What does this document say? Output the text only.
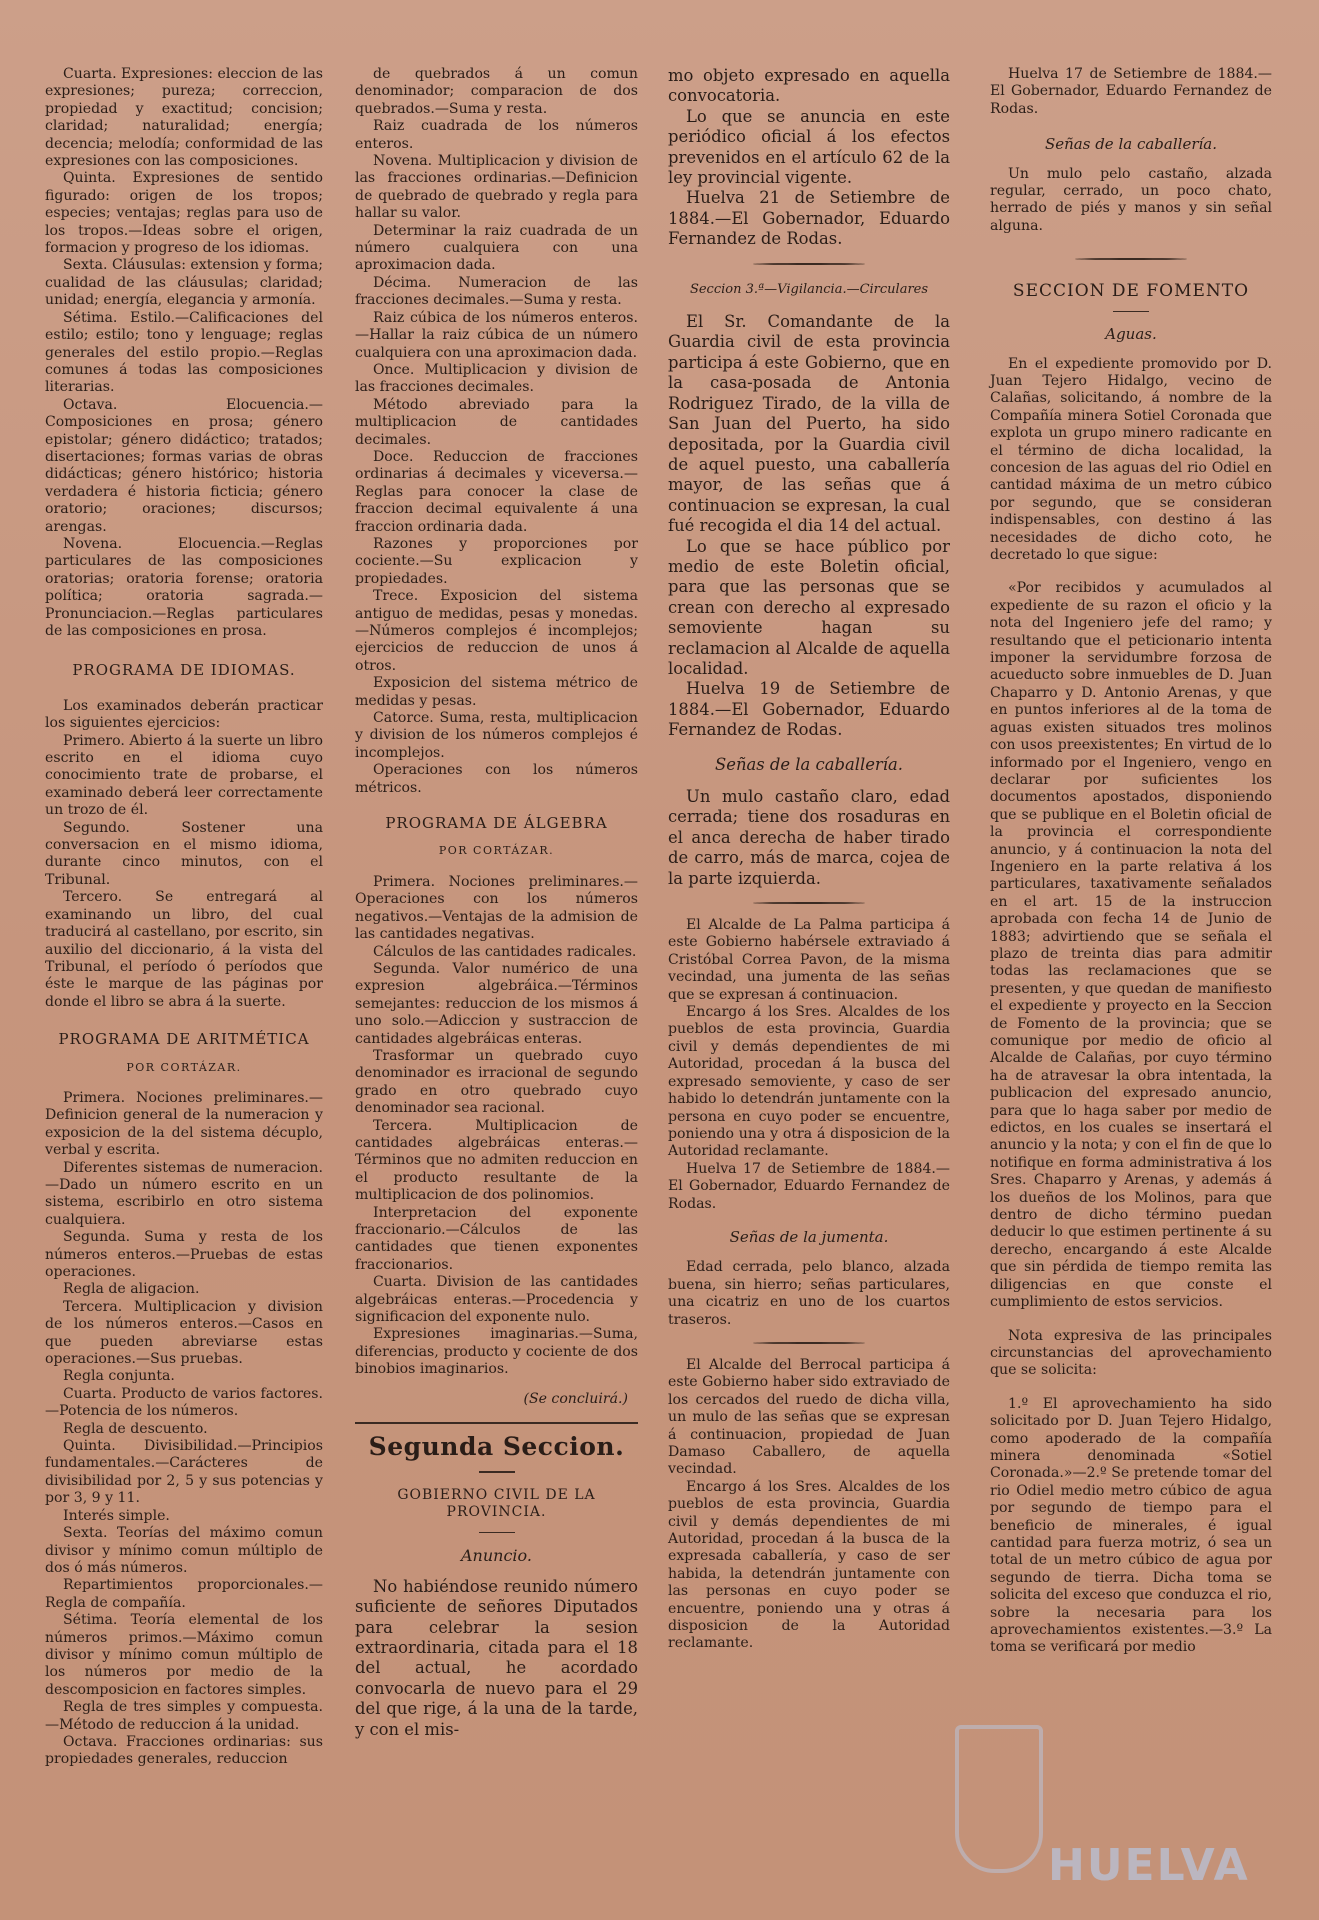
Cuarta. Expresiones: eleccion de las expresiones; pureza; correccion, propiedad y exactitud; concision; claridad; naturalidad; energía; decencia; melodía; conformidad de las expresiones con las composiciones.

Quinta. Expresiones de sentido figurado: origen de los tropos; especies; ventajas; reglas para uso de los tropos.—Ideas sobre el origen, formacion y progreso de los idiomas.

Sexta. Cláusulas: extension y forma; cualidad de las cláusulas; claridad; unidad; energía, elegancia y armonía.

Sétima. Estilo.—Calificaciones del estilo; estilo; tono y lenguage; reglas generales del estilo propio.—Reglas comunes á todas las composiciones literarias.

Octava. Elocuencia.—Composiciones en prosa; género epistolar; género didáctico; tratados; disertaciones; formas varias de obras didácticas; género histórico; historia verdadera é historia ficticia; género oratorio; oraciones; discursos; arengas.

Novena. Elocuencia.—Reglas particulares de las composiciones oratorias; oratoria forense; oratoria política; oratoria sagrada.—Pronunciacion.—Reglas particulares de las composiciones en prosa.

PROGRAMA DE IDIOMAS.

Los examinados deberán practicar los siguientes ejercicios:

Primero. Abierto á la suerte un libro escrito en el idioma cuyo conocimiento trate de probarse, el examinado deberá leer correctamente un trozo de él.

Segundo. Sostener una conversacion en el mismo idioma, durante cinco minutos, con el Tribunal.

Tercero. Se entregará al examinando un libro, del cual traducirá al castellano, por escrito, sin auxilio del diccionario, á la vista del Tribunal, el período ó períodos que éste le marque de las páginas por donde el libro se abra á la suerte.

PROGRAMA DE ARITMÉTICA
POR CORTÁZAR.

Primera. Nociones preliminares.—Definicion general de la numeracion y exposicion de la del sistema décuplo, verbal y escrita.

Diferentes sistemas de numeracion.—Dado un número escrito en un sistema, escribirlo en otro sistema cualquiera.

Segunda. Suma y resta de los números enteros.—Pruebas de estas operaciones.

Regla de aligacion.

Tercera. Multiplicacion y division de los números enteros.—Casos en que pueden abreviarse estas operaciones.—Sus pruebas.

Regla conjunta.

Cuarta. Producto de varios factores.—Potencia de los números.

Regla de descuento.

Quinta. Divisibilidad.—Principios fundamentales.—Carácteres de divisibilidad por 2, 5 y sus potencias y por 3, 9 y 11.

Interés simple.

Sexta. Teorías del máximo comun divisor y mínimo comun múltiplo de dos ó más números.

Repartimientos proporcionales.—Regla de compañía.

Sétima. Teoría elemental de los números primos.—Máximo comun divisor y mínimo comun múltiplo de los números por medio de la descomposicion en factores simples.

Regla de tres simples y compuesta.—Método de reduccion á la unidad.

Octava. Fracciones ordinarias: sus propiedades generales, reduccion

de quebrados á un comun denominador; comparacion de dos quebrados.—Suma y resta.

Raiz cuadrada de los números enteros.

Novena. Multiplicacion y division de las fracciones ordinarias.—Definicion de quebrado de quebrado y regla para hallar su valor.

Determinar la raiz cuadrada de un número cualquiera con una aproximacion dada.

Décima. Numeracion de las fracciones decimales.—Suma y resta.

Raiz cúbica de los números enteros.—Hallar la raiz cúbica de un número cualquiera con una aproximacion dada.

Once. Multiplicacion y division de las fracciones decimales.

Método abreviado para la multiplicacion de cantidades decimales.

Doce. Reduccion de fracciones ordinarias á decimales y viceversa.—Reglas para conocer la clase de fraccion decimal equivalente á una fraccion ordinaria dada.

Razones y proporciones por cociente.—Su explicacion y propiedades.

Trece. Exposicion del sistema antiguo de medidas, pesas y monedas.—Números complejos é incomplejos; ejercicios de reduccion de unos á otros.

Exposicion del sistema métrico de medidas y pesas.

Catorce. Suma, resta, multiplicacion y division de los números complejos é incomplejos.

Operaciones con los números métricos.

PROGRAMA DE ÁLGEBRA
POR CORTÁZAR.

Primera. Nociones preliminares.—Operaciones con los números negativos.—Ventajas de la admision de las cantidades negativas.

Cálculos de las cantidades radicales.

Segunda. Valor numérico de una expresion algebráica.—Términos semejantes: reduccion de los mismos á uno solo.—Adiccion y sustraccion de cantidades algebráicas enteras.

Trasformar un quebrado cuyo denominador es irracional de segundo grado en otro quebrado cuyo denominador sea racional.

Tercera. Multiplicacion de cantidades algebráicas enteras.—Términos que no admiten reduccion en el producto resultante de la multiplicacion de dos polinomios.

Interpretacion del exponente fraccionario.—Cálculos de las cantidades que tienen exponentes fraccionarios.

Cuarta. Division de las cantidades algebráicas enteras.—Procedencia y significacion del exponente nulo.

Expresiones imaginarias.—Suma, diferencias, producto y cociente de dos binobios imaginarios.

(Se concluirá.)
Segunda Seccion.
GOBIERNO CIVIL DE LA PROVINCIA.
Anuncio.

No habiéndose reunido número suficiente de señores Diputados para celebrar la sesion extraordinaria, citada para el 18 del actual, he acordado convocarla de nuevo para el 29 del que rige, á la una de la tarde, y con el mis-

mo objeto expresado en aquella convocatoria.

Lo que se anuncia en este periódico oficial á los efectos prevenidos en el artículo 62 de la ley provincial vigente.

Huelva 21 de Setiembre de 1884.—El Gobernador, Eduardo Fernandez de Rodas.

Seccion 3.ª—Vigilancia.—Circulares

El Sr. Comandante de la Guardia civil de esta provincia participa á este Gobierno, que en la casa-posada de Antonia Rodriguez Tirado, de la villa de San Juan del Puerto, ha sido depositada, por la Guardia civil de aquel puesto, una caballería mayor, de las señas que á continuacion se expresan, la cual fué recogida el dia 14 del actual.

Lo que se hace público por medio de este Boletin oficial, para que las personas que se crean con derecho al expresado semoviente hagan su reclamacion al Alcalde de aquella localidad.

Huelva 19 de Setiembre de 1884.—El Gobernador, Eduardo Fernandez de Rodas.

Señas de la caballería.

Un mulo castaño claro, edad cerrada; tiene dos rosaduras en el anca derecha de haber tirado de carro, más de marca, cojea de la parte izquierda.

El Alcalde de La Palma participa á este Gobierno habérsele extraviado á Cristóbal Correa Pavon, de la misma vecindad, una jumenta de las señas que se expresan á continuacion.

Encargo á los Sres. Alcaldes de los pueblos de esta provincia, Guardia civil y demás dependientes de mi Autoridad, procedan á la busca del expresado semoviente, y caso de ser habido lo detendrán juntamente con la persona en cuyo poder se encuentre, poniendo una y otra á disposicion de la Autoridad reclamante.

Huelva 17 de Setiembre de 1884.—El Gobernador, Eduardo Fernandez de Rodas.

Señas de la jumenta.

Edad cerrada, pelo blanco, alzada buena, sin hierro; señas particulares, una cicatriz en uno de los cuartos traseros.

El Alcalde del Berrocal participa á este Gobierno haber sido extraviado de los cercados del ruedo de dicha villa, un mulo de las señas que se expresan á continuacion, propiedad de Juan Damaso Caballero, de aquella vecindad.

Encargo á los Sres. Alcaldes de los pueblos de esta provincia, Guardia civil y demás dependientes de mi Autoridad, procedan á la busca de la expresada caballería, y caso de ser habida, la detendrán juntamente con las personas en cuyo poder se encuentre, poniendo una y otras á disposicion de la Autoridad reclamante.

Huelva 17 de Setiembre de 1884.—El Gobernador, Eduardo Fernandez de Rodas.

Señas de la caballería.

Un mulo pelo castaño, alzada regular, cerrado, un poco chato, herrado de piés y manos y sin señal alguna.

SECCION DE FOMENTO
Aguas.

En el expediente promovido por D. Juan Tejero Hidalgo, vecino de Calañas, solicitando, á nombre de la Compañía minera Sotiel Coronada que explota un grupo minero radicante en el término de dicha localidad, la concesion de las aguas del rio Odiel en cantidad máxima de un metro cúbico por segundo, que se consideran indispensables, con destino á las necesidades de dicho coto, he decretado lo que sigue:

«Por recibidos y acumulados al expediente de su razon el oficio y la nota del Ingeniero jefe del ramo; y resultando que el peticionario intenta imponer la servidumbre forzosa de acueducto sobre inmuebles de D. Juan Chaparro y D. Antonio Arenas, y que en puntos inferiores al de la toma de aguas existen situados tres molinos con usos preexistentes; En virtud de lo informado por el Ingeniero, vengo en declarar por suficientes los documentos apostados, disponiendo que se publique en el Boletin oficial de la provincia el correspondiente anuncio, y á continuacion la nota del Ingeniero en la parte relativa á los particulares, taxativamente señalados en el art. 15 de la instruccion aprobada con fecha 14 de Junio de 1883; advirtiendo que se señala el plazo de treinta dias para admitir todas las reclamaciones que se presenten, y que quedan de manifiesto el expediente y proyecto en la Seccion de Fomento de la provincia; que se comunique por medio de oficio al Alcalde de Calañas, por cuyo término ha de atravesar la obra intentada, la publicacion del expresado anuncio, para que lo haga saber por medio de edictos, en los cuales se insertará el anuncio y la nota; y con el fin de que lo notifique en forma administrativa á los Sres. Chaparro y Arenas, y además á los dueños de los Molinos, para que dentro de dicho término puedan deducir lo que estimen pertinente á su derecho, encargando á este Alcalde que sin pérdida de tiempo remita las diligencias en que conste el cumplimiento de estos servicios.

Nota expresiva de las principales circunstancias del aprovechamiento que se solicita:

1.º El aprovechamiento ha sido solicitado por D. Juan Tejero Hidalgo, como apoderado de la compañía minera denominada «Sotiel Coronada.»—2.º Se pretende tomar del rio Odiel medio metro cúbico de agua por segundo de tiempo para el beneficio de minerales, é igual cantidad para fuerza motriz, ó sea un total de un metro cúbico de agua por segundo de tierra. Dicha toma se solicita del exceso que conduzca el rio, sobre la necesaria para los aprovechamientos existentes.—3.º La toma se verificará por medio

HUELVA
